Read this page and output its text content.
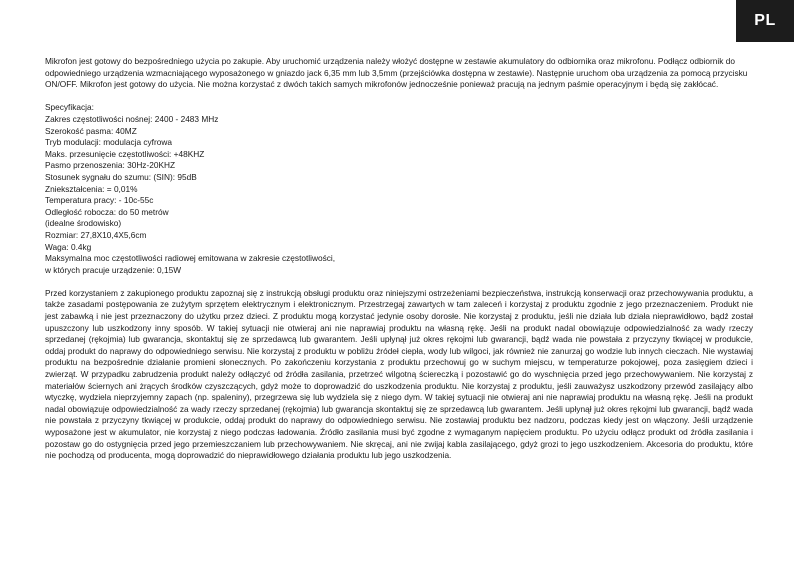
PL

Mikrofon jest gotowy do bezpośredniego użycia po zakupie. Aby uruchomić urządzenia należy włożyć dostępne w zestawie akumulatory do odbiornika oraz mikrofonu. Podłącz odbiornik do odpowiedniego urządzenia wzmacniającego wyposażonego w gniazdo jack 6,35 mm lub 3,5mm (przejściówka dostępna w zestawie). Następnie uruchom oba urządzenia za pomocą przycisku ON/OFF. Mikrofon jest gotowy do użycia. Nie można korzystać z dwóch takich samych mikrofonów jednocześnie ponieważ pracują na jednym paśmie operacyjnym i będą się zakłócać.

Specyfikacja:

Zakres częstotliwości nośnej: 2400 - 2483 MHz
Szerokość pasma: 40MZ
Tryb modulacji: modulacja cyfrowa
Maks. przesunięcie częstotliwości: +48KHZ
Pasmo przenoszenia: 30Hz-20KHZ
Stosunek sygnału do szumu: (SIN): 95dB
Zniekształcenia: = 0,01%
Temperatura pracy: - 10c-55c
Odległość robocza: do 50 metrów
(idealne środowisko)
Rozmiar: 27,8X10,4X5,6cm
Waga: 0.4kg
Maksymalna moc częstotliwości radiowej emitowana w zakresie częstotliwości,
w których pracuje urządzenie: 0,15W

Przed korzystaniem z zakupionego produktu zapoznaj się z instrukcją obsługi produktu oraz niniejszymi ostrzeżeniami bezpieczeństwa, instrukcją konserwacji oraz przechowywania produktu, a także zasadami postępowania ze zużytym sprzętem elektrycznym i elektronicznym. Przestrzegaj zawartych w tam zaleceń i korzystaj z produktu zgodnie z jego przeznaczeniem. Produkt nie jest zabawką i nie jest przeznaczony do użytku przez dzieci. Z produktu mogą korzystać jedynie osoby dorosłe. Nie korzystaj z produktu, jeśli nie działa lub działa nieprawidłowo, bądź został upuszczony lub uszkodzony inny sposób. W takiej sytuacji nie otwieraj ani nie naprawiaj produktu na własną rękę. Jeśli na produkt nadal obowiązuje odpowiedzialność za wady rzeczy sprzedanej (rękojmia) lub gwarancja, skontaktuj się ze sprzedawcą lub gwarantem. Jeśli upłynął już okres rękojmi lub gwarancji, bądź wada nie powstała z przyczyny tkwiącej w produkcie, oddaj produkt do naprawy do odpowiedniego serwisu. Nie korzystaj z produktu w pobliżu źródeł ciepła, wody lub wilgoci, jak również nie zanurzaj go wodzie lub innych cieczach. Nie wystawiaj produktu na bezpośrednie działanie promieni słonecznych. Po zakończeniu korzystania z produktu przechowuj go w suchym miejscu, w temperaturze pokojowej, poza zasięgiem dzieci i zwierząt. W przypadku zabrudzenia produkt należy odłączyć od źródła zasilania, przetrzeć wilgotną ściereczką i pozostawić go do wyschnięcia przed jego przechowywaniem. Nie korzystaj z materiałów ściernych ani żrących środków czyszczących, gdyż może to doprowadzić do uszkodzenia produktu. Nie korzystaj z produktu, jeśli zauważysz uszkodzony przewód zasilający albo wtyczkę, wydziela nieprzyjemny zapach (np. spaleniny), przegrzewa się lub wydziela się z niego dym. W takiej sytuacji nie otwieraj ani nie naprawiaj produktu na własną rękę. Jeśli na produkt nadal obowiązuje odpowiedzialność za wady rzeczy sprzedanej (rękojmia) lub gwarancja skontaktuj się ze sprzedawcą lub gwarantem. Jeśli upłynął już okres rękojmi lub gwarancji, bądź wada nie powstała z przyczyny tkwiącej w produkcie, oddaj produkt do naprawy do odpowiedniego serwisu. Nie zostawiaj produktu bez nadzoru, podczas kiedy jest on włączony. Jeśli urządzenie wyposażone jest w akumulator, nie korzystaj z niego podczas ładowania. Źródło zasilania musi być zgodne z wymaganym napięciem produktu. Po użyciu odłącz produkt od źródła zasilania i pozostaw go do ostygnięcia przed jego przemieszczaniem lub przechowywaniem. Nie skręcaj, ani nie zwijaj kabla zasilającego, gdyż grozi to jego uszkodzeniem. Akcesoria do produktu, które nie pochodzą od producenta, mogą doprowadzić do nieprawidłowego działania produktu lub jego uszkodzenia.
